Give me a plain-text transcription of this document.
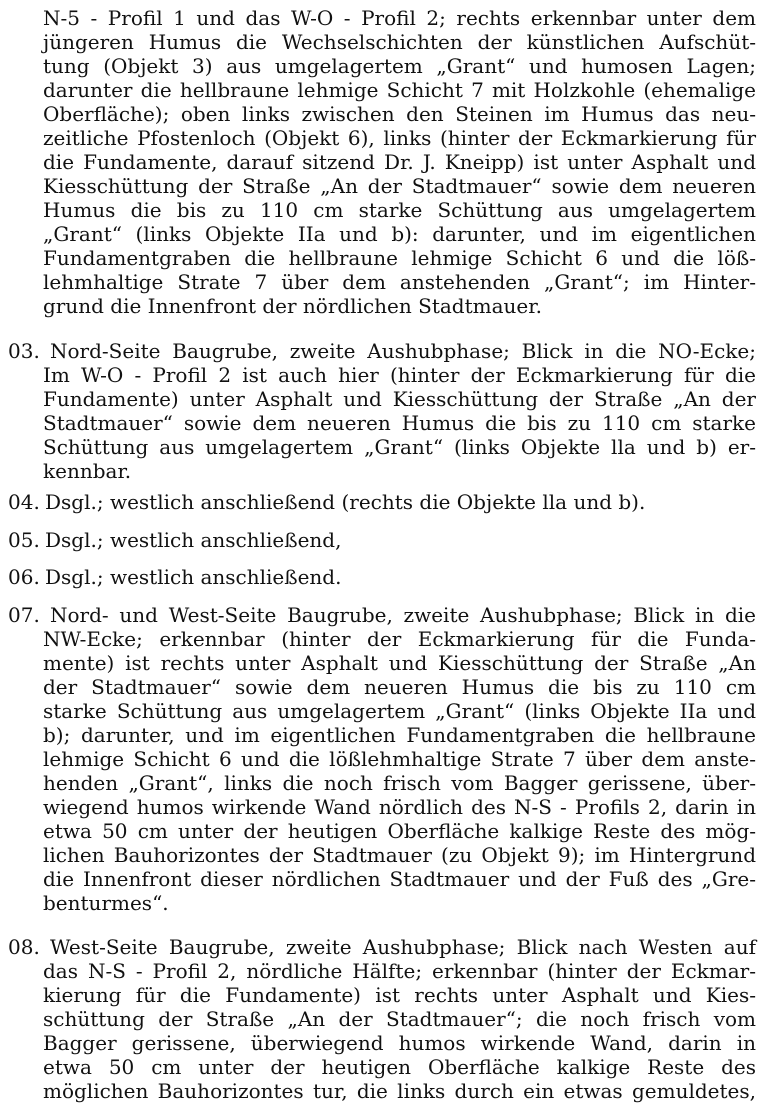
N-5 - Profil 1 und das W-O - Profil 2; rechts erkennbar unter dem
jüngeren Humus die Wechselschichten der künstlichen Aufschüt-
tung (Objekt 3) aus umgelagertem „Grant“ und humosen Lagen;
darunter die hellbraune lehmige Schicht 7 mit Holzkohle (ehemalige
Oberfläche); oben links zwischen den Steinen im Humus das neu-
zeitliche Pfostenloch (Objekt 6), links (hinter der Eckmarkierung für
die Fundamente, darauf sitzend Dr. J. Kneipp) ist unter Asphalt und
Kiesschüttung der Straße „An der Stadtmauer“ sowie dem neueren
Humus die bis zu 110 cm starke Schüttung aus umgelagertem
„Grant“ (links Objekte IIa und b): darunter, und im eigentlichen
Fundamentgraben die hellbraune lehmige Schicht 6 und die löß-
lehmhaltige Strate 7 über dem anstehenden „Grant“; im Hinter-
grund die Innenfront der nördlichen Stadtmauer.
03. Nord-Seite Baugrube, zweite Aushubphase; Blick in die NO-Ecke;
Im W-O - Profil 2 ist auch hier (hinter der Eckmarkierung für die
Fundamente) unter Asphalt und Kiesschüttung der Straße „An der
Stadtmauer“ sowie dem neueren Humus die bis zu 110 cm starke
Schüttung aus umgelagertem „Grant“ (links Objekte lla und b) er-
kennbar.
04. Dsgl.; westlich anschließend (rechts die Objekte lla und b).
05. Dsgl.; westlich anschließend,
06. Dsgl.; westlich anschließend.
07. Nord- und West-Seite Baugrube, zweite Aushubphase; Blick in die
NW-Ecke; erkennbar (hinter der Eckmarkierung für die Funda-
mente) ist rechts unter Asphalt und Kiesschüttung der Straße „An
der Stadtmauer“ sowie dem neueren Humus die bis zu 110 cm
starke Schüttung aus umgelagertem „Grant“ (links Objekte IIa und
b); darunter, und im eigentlichen Fundamentgraben die hellbraune
lehmige Schicht 6 und die lößlehmhaltige Strate 7 über dem anste-
henden „Grant“, links die noch frisch vom Bagger gerissene, über-
wiegend humos wirkende Wand nördlich des N-S - Profils 2, darin in
etwa 50 cm unter der heutigen Oberfläche kalkige Reste des mög-
lichen Bauhorizontes der Stadtmauer (zu Objekt 9); im Hintergrund
die Innenfront dieser nördlichen Stadtmauer und der Fuß des „Gre-
benturmes“.
08. West-Seite Baugrube, zweite Aushubphase; Blick nach Westen auf
das N-S - Profil 2, nördliche Hälfte; erkennbar (hinter der Eckmar-
kierung für die Fundamente) ist rechts unter Asphalt und Kies-
schüttung der Straße „An der Stadtmauer“; die noch frisch vom
Bagger gerissene, überwiegend humos wirkende Wand, darin in
etwa 50 cm unter der heutigen Oberfläche kalkige Reste des
möglichen Bauhorizontes tur, die links durch ein etwas gemuldetes,
